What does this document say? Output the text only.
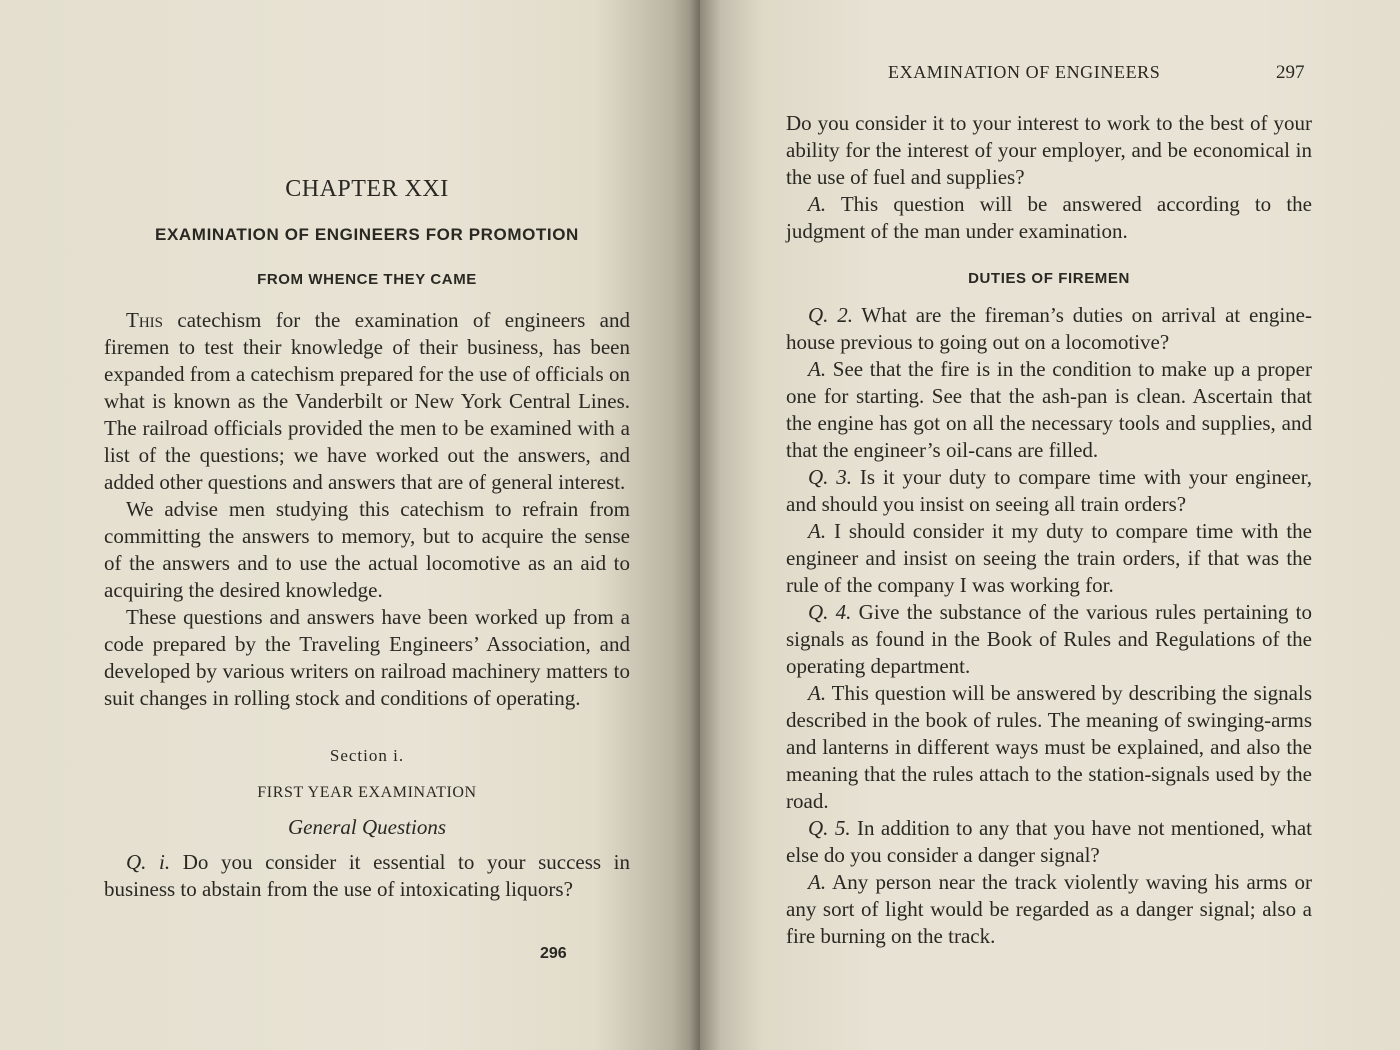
CHAPTER XXI

EXAMINATION OF ENGINEERS FOR PROMOTION

FROM WHENCE THEY CAME

This catechism for the examination of engineers and firemen to test their knowledge of their business, has been expanded from a catechism prepared for the use of officials on what is known as the Vanderbilt or New York Central Lines. The railroad officials provided the men to be examined with a list of the questions; we have worked out the answers, and added other questions and answers that are of general interest.

We advise men studying this catechism to refrain from committing the answers to memory, but to acquire the sense of the answers and to use the actual locomotive as an aid to acquiring the desired knowledge.

These questions and answers have been worked up from a code prepared by the Traveling Engineers’ Association, and developed by various writers on railroad machinery matters to suit changes in rolling stock and conditions of operating.

Section i.

FIRST YEAR EXAMINATION

General Questions

Q. i. Do you consider it essential to your success in business to abstain from the use of intoxicating liquors?

296
EXAMINATION OF ENGINEERS	297

Do you consider it to your interest to work to the best of your ability for the interest of your employer, and be economical in the use of fuel and supplies?

A. This question will be answered according to the judgment of the man under examination.

DUTIES OF FIREMEN

Q. 2. What are the fireman’s duties on arrival at engine-house previous to going out on a locomotive?

A. See that the fire is in the condition to make up a proper one for starting. See that the ash-pan is clean. Ascertain that the engine has got on all the necessary tools and supplies, and that the engineer’s oil-cans are filled.

Q. 3. Is it your duty to compare time with your engineer, and should you insist on seeing all train orders?

A. I should consider it my duty to compare time with the engineer and insist on seeing the train orders, if that was the rule of the company I was working for.

Q. 4. Give the substance of the various rules pertaining to signals as found in the Book of Rules and Regulations of the operating department.

A. This question will be answered by describing the signals described in the book of rules. The meaning of swinging-arms and lanterns in different ways must be explained, and also the meaning that the rules attach to the station-signals used by the road.

Q. 5. In addition to any that you have not mentioned, what else do you consider a danger signal?

A. Any person near the track violently waving his arms or any sort of light would be regarded as a danger signal; also a fire burning on the track.
